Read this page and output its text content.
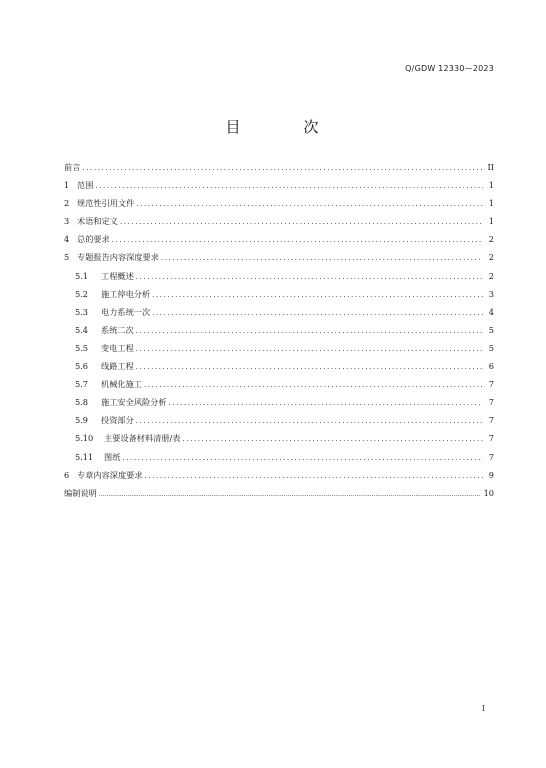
Q/GDW 12330—2023
目　次
前言 .....	II
1 范围 .....	1
2 规范性引用文件 .....	1
3 术语和定义 .....	1
4 总的要求 .....	2
5 专题报告内容深度要求 .....	2
5.1	工程概述 .....	2
5.2	施工停电分析 .....	3
5.3	电力系统一次 .....	4
5.4	系统二次 .....	5
5.5	变电工程 .....	5
5.6	线路工程 .....	6
5.7	机械化施工 .....	7
5.8	施工安全风险分析 .....	7
5.9	投资部分 .....	7
5.10	主要设备材料清册/表 .....	7
5.11	图纸 .....	7
6 专章内容深度要求 .....	9
编制说明 .....	10
I
